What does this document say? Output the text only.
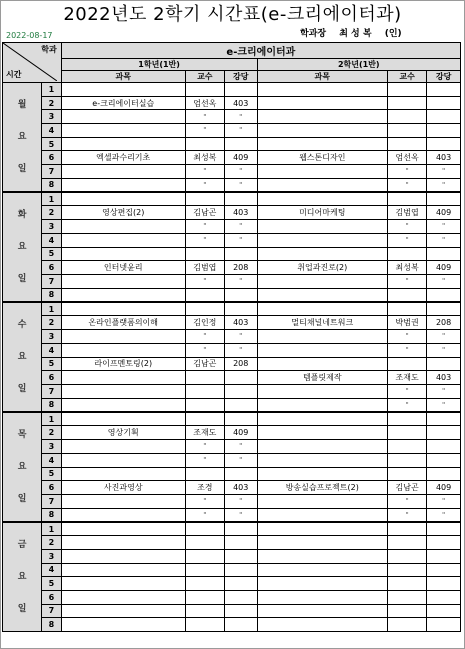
2022년도 2학기 시간표(e-크리에이터과)
2022-08-17	학과장 최 성 복 (인)
학과
시간		e-크리에이터과					
		1학년(1반)			2학년(1반)		
		과목	교수	강당	과목	교수	강당

월
요
일	1						
	2	e-크리에이터실습	엄선옥	403			
	3		"	"			
	4		"	"			
	5						
	6	엑셀과수리기초	최성복	409	웹스톤디자인	엄선옥	403
	7		"	"		"	"
	8		"	"		"	"

화
요
일	1						
	2	영상편집(2)	김남곤	403	미디어마케팅	김범엽	409
	3		"	"		"	"
	4		"	"		"	"
	5						
	6	인터넷윤리	김범엽	208	취업과진로(2)	최성복	409
	7		"	"		"	"
	8						

수
요
일	1						
	2	온라인플랫폼의이해	김인정	403	멀티채널네트워크	박범권	208
	3		"	"		"	"
	4		"	"		"	"
	5	라이프멘토링(2)	김남곤	208			
	6				템플릿제작	조재도	403
	7					"	"
	8					"	"

목
요
일	1						
	2	영상기획	조재도	409			
	3		"	"			
	4		"	"			
	5						
	6	사진과영상	조경	403	방송실습프로젝트(2)	김남곤	409
	7		"	"		"	"
	8		"	"		"	"

금
요
일	1						
	2						
	3						
	4						
	5						
	6						
	7						
	8						
